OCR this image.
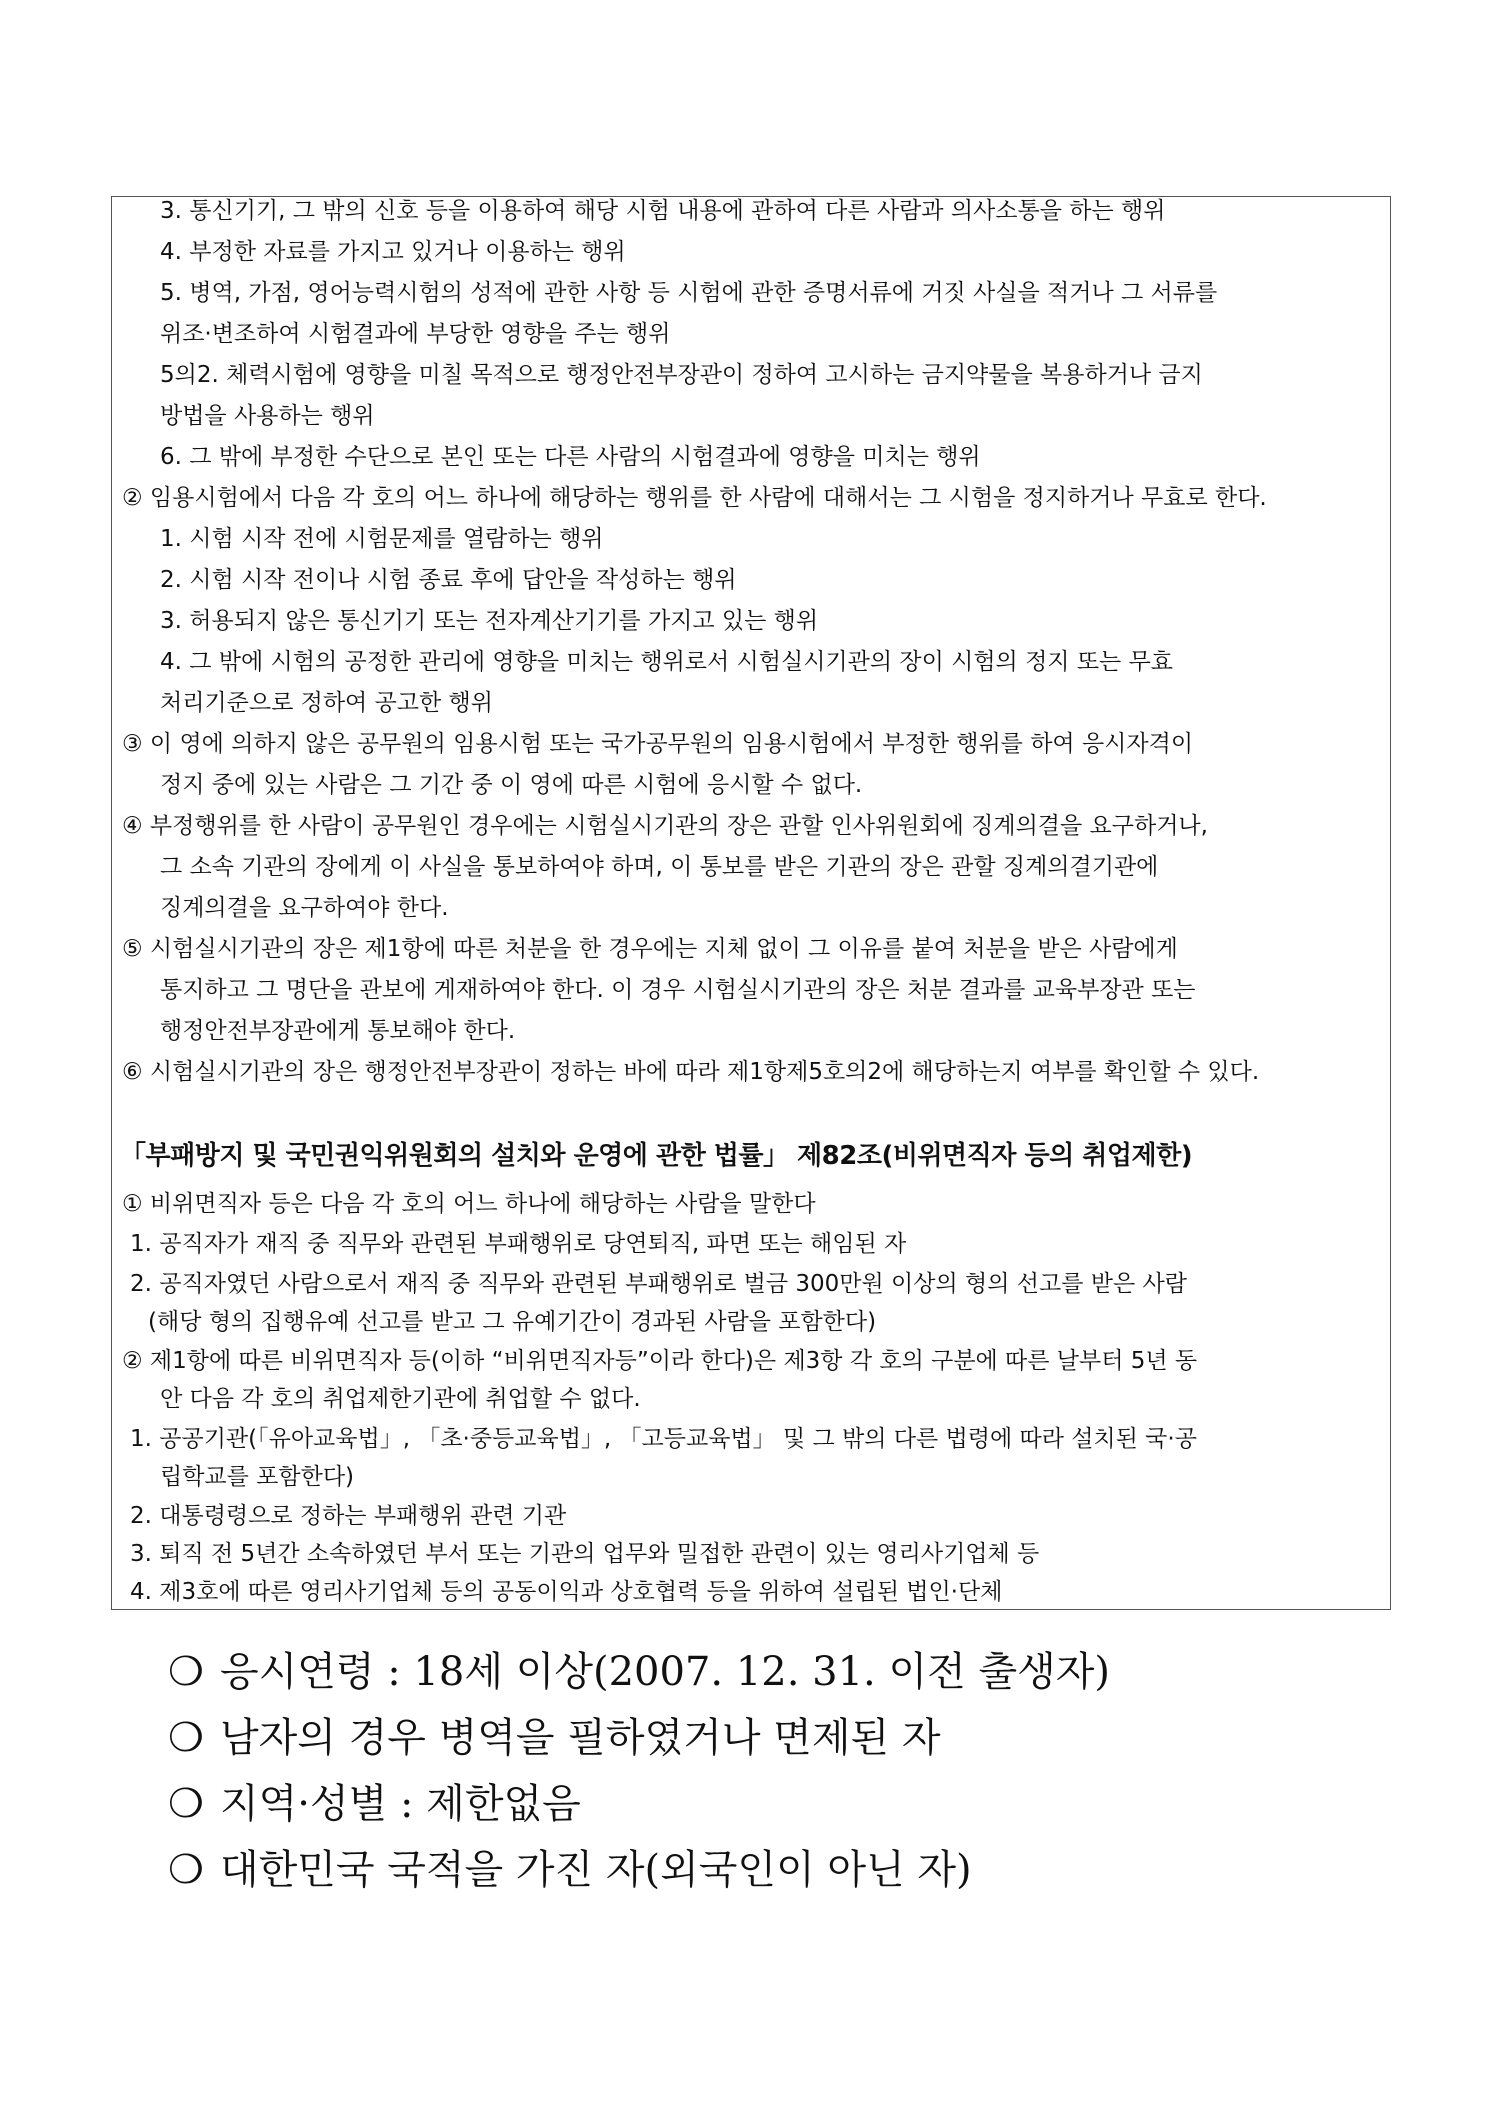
3. 통신기기, 그 밖의 신호 등을 이용하여 해당 시험 내용에 관하여 다른 사람과 의사소통을 하는 행위
4. 부정한 자료를 가지고 있거나 이용하는 행위
5. 병역, 가점, 영어능력시험의 성적에 관한 사항 등 시험에 관한 증명서류에 거짓 사실을 적거나 그 서류를
위조·변조하여 시험결과에 부당한 영향을 주는 행위
5의2. 체력시험에 영향을 미칠 목적으로 행정안전부장관이 정하여 고시하는 금지약물을 복용하거나 금지
방법을 사용하는 행위
6. 그 밖에 부정한 수단으로 본인 또는 다른 사람의 시험결과에 영향을 미치는 행위
② 임용시험에서 다음 각 호의 어느 하나에 해당하는 행위를 한 사람에 대해서는 그 시험을 정지하거나 무효로 한다.
1. 시험 시작 전에 시험문제를 열람하는 행위
2. 시험 시작 전이나 시험 종료 후에 답안을 작성하는 행위
3. 허용되지 않은 통신기기 또는 전자계산기기를 가지고 있는 행위
4. 그 밖에 시험의 공정한 관리에 영향을 미치는 행위로서 시험실시기관의 장이 시험의 정지 또는 무효
처리기준으로 정하여 공고한 행위
③ 이 영에 의하지 않은 공무원의 임용시험 또는 국가공무원의 임용시험에서 부정한 행위를 하여 응시자격이
정지 중에 있는 사람은 그 기간 중 이 영에 따른 시험에 응시할 수 없다.
④ 부정행위를 한 사람이 공무원인 경우에는 시험실시기관의 장은 관할 인사위원회에 징계의결을 요구하거나,
그 소속 기관의 장에게 이 사실을 통보하여야 하며, 이 통보를 받은 기관의 장은 관할 징계의결기관에
징계의결을 요구하여야 한다.
⑤ 시험실시기관의 장은 제1항에 따른 처분을 한 경우에는 지체 없이 그 이유를 붙여 처분을 받은 사람에게
통지하고 그 명단을 관보에 게재하여야 한다. 이 경우 시험실시기관의 장은 처분 결과를 교육부장관 또는
행정안전부장관에게 통보해야 한다.
⑥ 시험실시기관의 장은 행정안전부장관이 정하는 바에 따라 제1항제5호의2에 해당하는지 여부를 확인할 수 있다.
「부패방지 및 국민권익위원회의 설치와 운영에 관한 법률」 제82조(비위면직자 등의 취업제한)
① 비위면직자 등은 다음 각 호의 어느 하나에 해당하는 사람을 말한다
1. 공직자가 재직 중 직무와 관련된 부패행위로 당연퇴직, 파면 또는 해임된 자
2. 공직자였던 사람으로서 재직 중 직무와 관련된 부패행위로 벌금 300만원 이상의 형의 선고를 받은 사람
(해당 형의 집행유예 선고를 받고 그 유예기간이 경과된 사람을 포함한다)
② 제1항에 따른 비위면직자 등(이하 “비위면직자등”이라 한다)은 제3항 각 호의 구분에 따른 날부터 5년 동
안 다음 각 호의 취업제한기관에 취업할 수 없다.
1. 공공기관(「유아교육법」, 「초·중등교육법」, 「고등교육법」 및 그 밖의 다른 법령에 따라 설치된 국·공
립학교를 포함한다)
2. 대통령령으로 정하는 부패행위 관련 기관
3. 퇴직 전 5년간 소속하였던 부서 또는 기관의 업무와 밀접한 관련이 있는 영리사기업체 등
4. 제3호에 따른 영리사기업체 등의 공동이익과 상호협력 등을 위하여 설립된 법인·단체
❍ 응시연령 : 18세 이상(2007. 12. 31. 이전 출생자)
❍ 남자의 경우 병역을 필하였거나 면제된 자
❍ 지역·성별 : 제한없음
❍ 대한민국 국적을 가진 자(외국인이 아닌 자)
